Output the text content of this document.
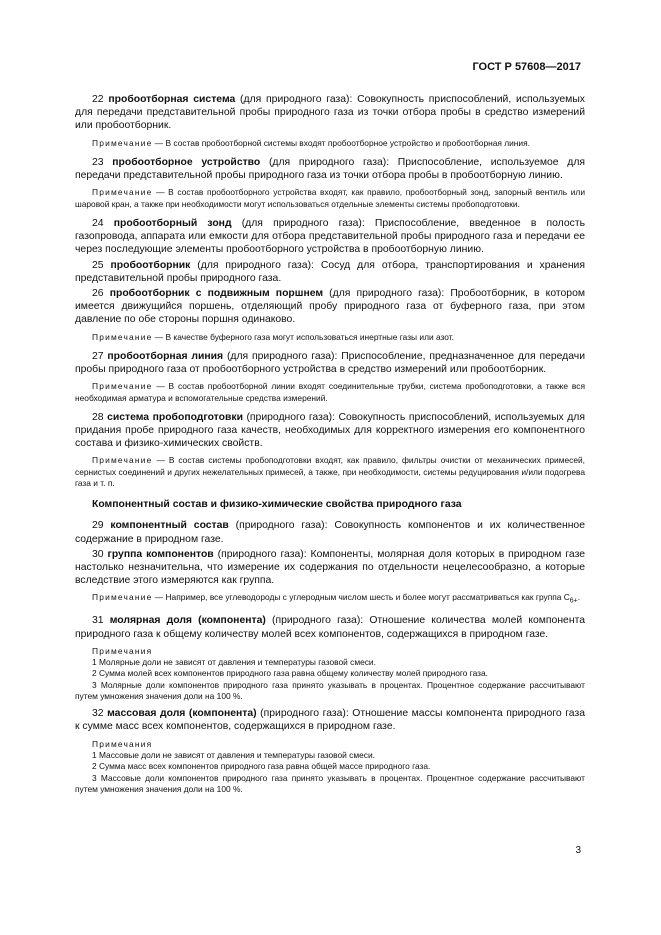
ГОСТ Р 57608—2017

22 пробоотборная система (для природного газа): Совокупность приспособлений, используемых для передачи представительной пробы природного газа из точки отбора пробы в средство измерений или пробоотборник.

Примечание — В состав пробоотборной системы входят пробоотборное устройство и пробоотборная линия.

23 пробоотборное устройство (для природного газа): Приспособление, используемое для передачи представительной пробы природного газа из точки отбора пробы в пробоотборную линию.

Примечание — В состав пробоотборного устройства входят, как правило, пробоотборный зонд, запорный вентиль или шаровой кран, а также при необходимости могут использоваться отдельные элементы системы пробоподготовки.

24 пробоотборный зонд (для природного газа): Приспособление, введенное в полость газопровода, аппарата или емкости для отбора представительной пробы природного газа и передачи ее через последующие элементы пробоотборного устройства в пробоотборную линию.

25 пробоотборник (для природного газа): Сосуд для отбора, транспортирования и хранения представительной пробы природного газа.

26 пробоотборник с подвижным поршнем (для природного газа): Пробоотборник, в котором имеется движущийся поршень, отделяющий пробу природного газа от буферного газа, при этом давление по обе стороны поршня одинаково.

Примечание — В качестве буферного газа могут использоваться инертные газы или азот.

27 пробоотборная линия (для природного газа): Приспособление, предназначенное для передачи пробы природного газа от пробоотборного устройства в средство измерений или пробоотборник.

Примечание — В состав пробоотборной линии входят соединительные трубки, система пробоподготовки, а также вся необходимая арматура и вспомогательные средства измерений.

28 система пробоподготовки (природного газа): Совокупность приспособлений, используемых для придания пробе природного газа качеств, необходимых для корректного измерения его компонентного состава и физико-химических свойств.

Примечание — В состав системы пробоподготовки входят, как правило, фильтры очистки от механических примесей, сернистых соединений и других нежелательных примесей, а также, при необходимости, системы редуцирования и/или подогрева газа и т. п.

Компонентный состав и физико-химические свойства природного газа

29 компонентный состав (природного газа): Совокупность компонентов и их количественное содержание в природном газе.

30 группа компонентов (природного газа): Компоненты, молярная доля которых в природном газе настолько незначительна, что измерение их содержания по отдельности нецелесообразно, а которые вследствие этого измеряются как группа.

Примечание — Например, все углеводороды с углеродным числом шесть и более могут рассматриваться как группа $C_{6+}$.

31 молярная доля (компонента) (природного газа): Отношение количества молей компонента природного газа к общему количеству молей всех компонентов, содержащихся в природном газе.

Примечания

1 Молярные доли не зависят от давления и температуры газовой смеси.

2 Сумма молей всех компонентов природного газа равна общему количеству молей природного газа.

3 Молярные доли компонентов природного газа принято указывать в процентах. Процентное содержание рассчитывают путем умножения значения доли на 100 %.

32 массовая доля (компонента) (природного газа): Отношение массы компонента природного газа к сумме масс всех компонентов, содержащихся в природном газе.

Примечания

1 Массовые доли не зависят от давления и температуры газовой смеси.

2 Сумма масс всех компонентов природного газа равна общей массе природного газа.

3 Массовые доли компонентов природного газа принято указывать в процентах. Процентное содержание рассчитывают путем умножения значения доли на 100 %.

3
